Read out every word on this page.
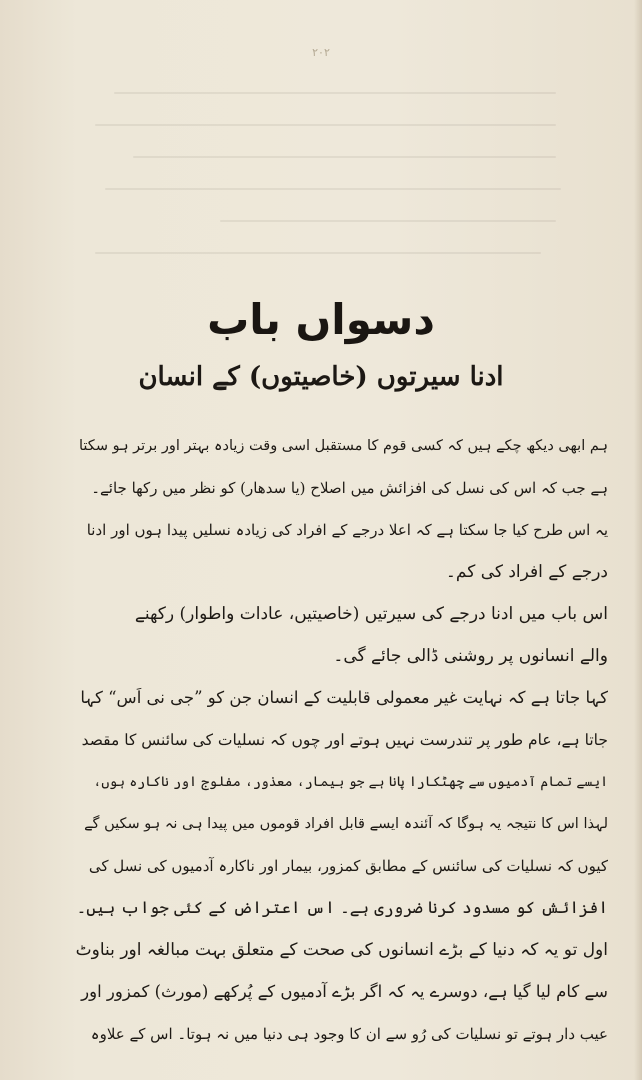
۲۰۲
دسواں باب
ادنا سیرتوں (خاصیتوں) کے انسان
ہم ابھی دیکھ چکے ہیں کہ کسی قوم کا مستقبل اسی وقت زیادہ بہتر اور برتر ہو سکتا
ہے جب کہ اس کی نسل کی افزائش میں اصلاح (یا سدھار) کو نظر میں رکھا جائے۔
یہ اس طرح کیا جا سکتا ہے کہ اعلا درجے کے افراد کی زیادہ نسلیں پیدا ہوں اور ادنا
درجے کے افراد کی کم۔
اس باب میں ادنا درجے کی سیرتیں (خاصیتیں، عادات واطوار) رکھنے
والے انسانوں پر روشنی ڈالی جائے گی۔
کہا جاتا ہے کہ نہایت غیر معمولی قابلیت کے انسان جن کو ”جی نی اَس“ کہا
جاتا ہے، عام طور پر تندرست نہیں ہوتے اور چوں کہ نسلیات کی سائنس کا مقصد
ایسے تمام آدمیوں سے چھٹکارا پانا ہے جو بیمار، معذور، مفلوج اور ناکارہ ہوں،
لہذا اس کا نتیجہ یہ ہوگا کہ آئندہ ایسے قابل افراد قوموں میں پیدا ہی نہ ہو سکیں گے
کیوں کہ نسلیات کی سائنس کے مطابق کمزور، بیمار اور ناکارہ آدمیوں کی نسل کی
افزائش کو مسدود کرنا ضروری ہے۔ اس اعتراض کے کئی جواب ہیں۔
اول تو یہ کہ دنیا کے بڑے انسانوں کی صحت کے متعلق بہت مبالغہ اور بناوٹ
سے کام لیا گیا ہے، دوسرے یہ کہ اگر بڑے آدمیوں کے پُرکھے (مورث) کمزور اور
عیب دار ہوتے تو نسلیات کی رُو سے ان کا وجود ہی دنیا میں نہ ہوتا۔ اس کے علاوہ
